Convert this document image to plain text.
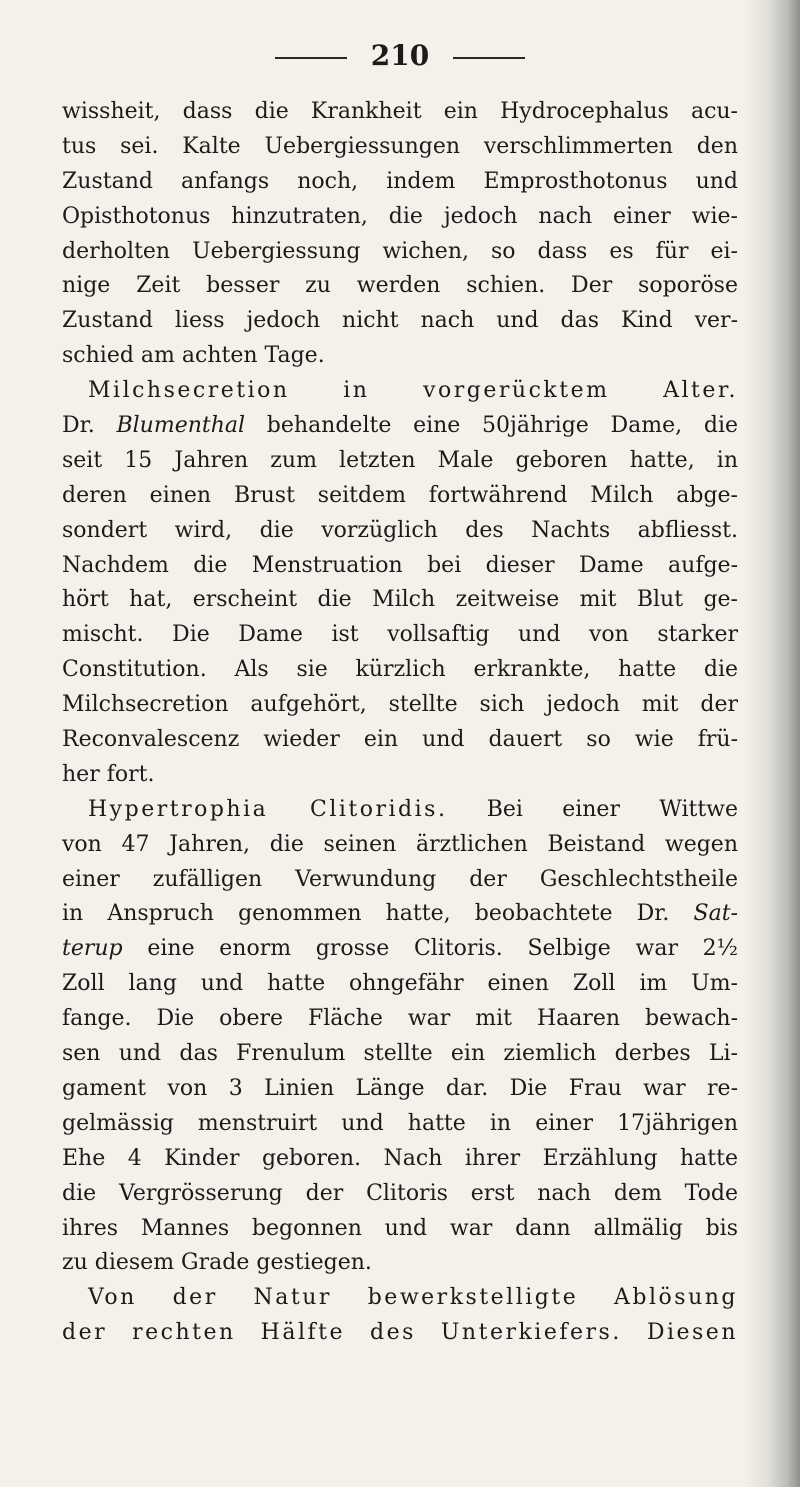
210
wissheit, dass die Krankheit ein Hydrocephalus acu-
tus sei. Kalte Uebergiessungen verschlimmerten den
Zustand anfangs noch, indem Emprosthotonus und
Opisthotonus hinzutraten, die jedoch nach einer wie-
derholten Uebergiessung wichen, so dass es für ei-
nige Zeit besser zu werden schien. Der soporöse
Zustand liess jedoch nicht nach und das Kind ver-
schied am achten Tage.
Milchsecretion in vorgerücktem Alter.
Dr. Blumenthal behandelte eine 50jährige Dame, die
seit 15 Jahren zum letzten Male geboren hatte, in
deren einen Brust seitdem fortwährend Milch abge-
sondert wird, die vorzüglich des Nachts abfliesst.
Nachdem die Menstruation bei dieser Dame aufge-
hört hat, erscheint die Milch zeitweise mit Blut ge-
mischt. Die Dame ist vollsaftig und von starker
Constitution. Als sie kürzlich erkrankte, hatte die
Milchsecretion aufgehört, stellte sich jedoch mit der
Reconvalescenz wieder ein und dauert so wie frü-
her fort.
Hypertrophia Clitoridis. Bei einer Wittwe
von 47 Jahren, die seinen ärztlichen Beistand wegen
einer zufälligen Verwundung der Geschlechtstheile
in Anspruch genommen hatte, beobachtete Dr. Sat-
terup eine enorm grosse Clitoris. Selbige war 2½
Zoll lang und hatte ohngefähr einen Zoll im Um-
fange. Die obere Fläche war mit Haaren bewach-
sen und das Frenulum stellte ein ziemlich derbes Li-
gament von 3 Linien Länge dar. Die Frau war re-
gelmässig menstruirt und hatte in einer 17jährigen
Ehe 4 Kinder geboren. Nach ihrer Erzählung hatte
die Vergrösserung der Clitoris erst nach dem Tode
ihres Mannes begonnen und war dann allmälig bis
zu diesem Grade gestiegen.
Von der Natur bewerkstelligte Ablösung
der rechten Hälfte des Unterkiefers. Diesen
